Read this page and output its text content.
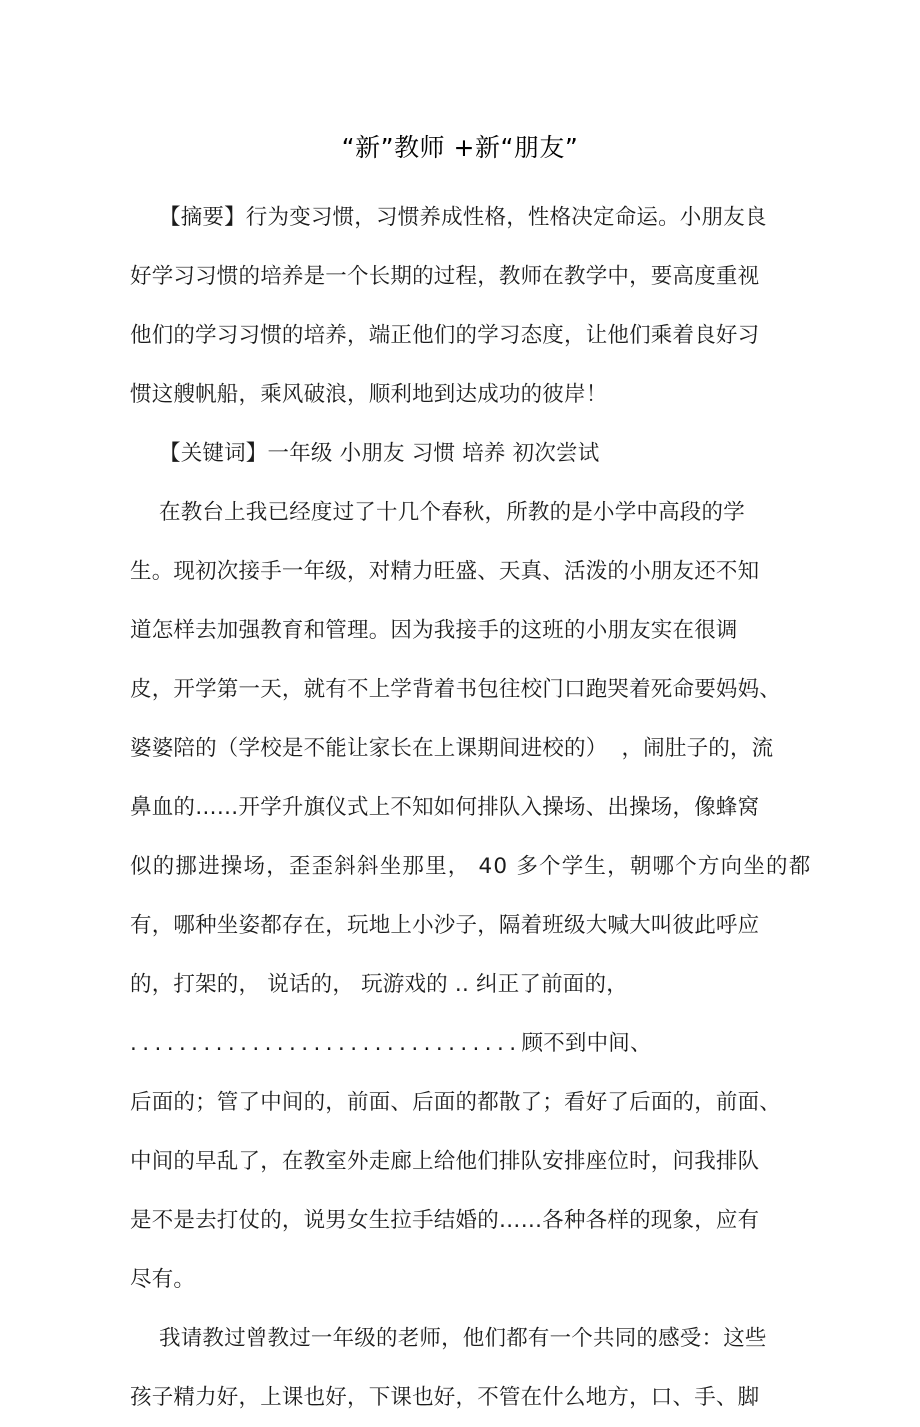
“新”教师 +新“朋友”
【摘要】行为变习惯，习惯养成性格，性格决定命运。小朋友良
好学习习惯的培养是一个长期的过程，教师在教学中，要高度重视
他们的学习习惯的培养，端正他们的学习态度，让他们乘着良好习
惯这艘帆船，乘风破浪，顺利地到达成功的彼岸！
【关键词】一年级 小朋友 习惯 培养 初次尝试
在教台上我已经度过了十几个春秋，所教的是小学中高段的学
生。现初次接手一年级，对精力旺盛、天真、活泼的小朋友还不知
道怎样去加强教育和管理。因为我接手的这班的小朋友实在很调
皮，开学第一天，就有不上学背着书包往校门口跑哭着死命要妈妈、
婆婆陪的（学校是不能让家长在上课期间进校的）  ，闹肚子的，流
鼻血的……开学升旗仪式上不知如何排队入操场、出操场，像蜂窝
似的挪进操场，歪歪斜斜坐那里， 40 多个学生，朝哪个方向坐的都
有，哪种坐姿都存在，玩地上小沙子，隔着班级大喊大叫彼此呼应
的，打架的， 说话的， 玩游戏的 .. 纠正了前面的，
................................顾不到中间、
后面的；管了中间的，前面、后面的都散了；看好了后面的，前面、
中间的早乱了，在教室外走廊上给他们排队安排座位时，问我排队
是不是去打仗的，说男女生拉手结婚的……各种各样的现象，应有
尽有。
我请教过曾教过一年级的老师，他们都有一个共同的感受：这些
孩子精力好，上课也好，下课也好，不管在什么地方，口、手、脚
